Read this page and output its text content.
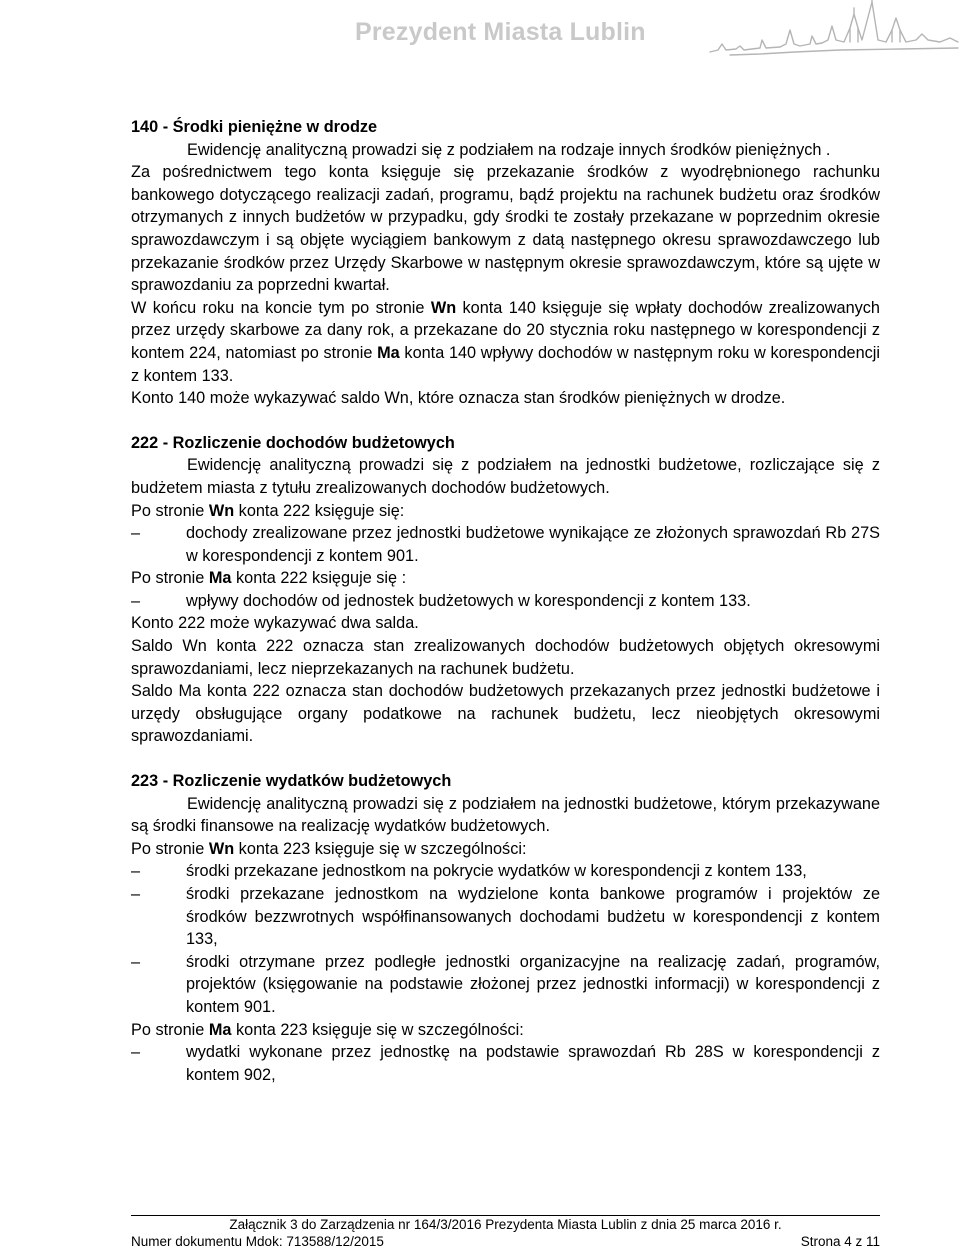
Prezydent Miasta Lublin

140 - Środki pieniężne w drodze

Ewidencję analityczną prowadzi się z podziałem na rodzaje innych środków pieniężnych .

Za pośrednictwem tego konta księguje się przekazanie środków z wyodrębnionego rachunku bankowego dotyczącego realizacji zadań, programu, bądź projektu na rachunek budżetu oraz środków otrzymanych z innych budżetów w przypadku, gdy środki te zostały przekazane w poprzednim okresie sprawozdawczym i są objęte wyciągiem bankowym z datą następnego okresu sprawozdawczego lub przekazanie środków przez Urzędy Skarbowe w następnym okresie sprawozdawczym, które są ujęte w sprawozdaniu za poprzedni kwartał.

W końcu roku na koncie tym po stronie Wn konta 140 księguje się wpłaty dochodów zrealizowanych przez urzędy skarbowe za dany rok, a przekazane do 20 stycznia roku następnego w korespondencji z kontem 224, natomiast po stronie Ma konta 140 wpływy dochodów w następnym roku w korespondencji z kontem 133.

Konto 140 może wykazywać saldo Wn, które oznacza stan środków pieniężnych w drodze.

222 - Rozliczenie dochodów budżetowych

Ewidencję analityczną prowadzi się z podziałem na jednostki budżetowe, rozliczające się z budżetem miasta z tytułu zrealizowanych dochodów budżetowych.

Po stronie Wn konta 222 księguje się:

–	dochody zrealizowane przez jednostki budżetowe wynikające ze złożonych sprawozdań Rb 27S w korespondencji z kontem 901.

Po stronie Ma konta 222 księguje się :

–	wpływy dochodów od jednostek budżetowych w korespondencji z kontem 133.

Konto 222 może wykazywać dwa salda.

Saldo Wn konta 222 oznacza stan zrealizowanych dochodów budżetowych objętych okresowymi sprawozdaniami, lecz nieprzekazanych na rachunek budżetu.

Saldo Ma konta 222 oznacza stan dochodów budżetowych przekazanych przez jednostki budżetowe i urzędy obsługujące organy podatkowe na rachunek budżetu, lecz nieobjętych okresowymi sprawozdaniami.

223 - Rozliczenie wydatków budżetowych

Ewidencję analityczną prowadzi się z podziałem na jednostki budżetowe, którym przekazywane są środki finansowe na realizację wydatków budżetowych.

Po stronie Wn konta 223 księguje się w szczególności:

–	środki przekazane jednostkom na pokrycie wydatków w korespondencji z kontem 133,
–	środki przekazane jednostkom na wydzielone konta bankowe programów i projektów ze środków bezzwrotnych współfinansowanych dochodami budżetu w korespondencji z kontem 133,
–	środki otrzymane przez podległe jednostki organizacyjne na realizację zadań, programów, projektów (księgowanie na podstawie złożonej przez jednostki informacji) w korespondencji z kontem 901.

Po stronie Ma konta 223 księguje się w szczególności:

–	wydatki wykonane przez jednostkę na podstawie sprawozdań Rb 28S w korespondencji z kontem 902,
Załącznik 3 do Zarządzenia nr 164/3/2016 Prezydenta Miasta Lublin z dnia 25 marca 2016 r.
Numer dokumentu Mdok: 713588/12/2015	Strona 4 z 11
